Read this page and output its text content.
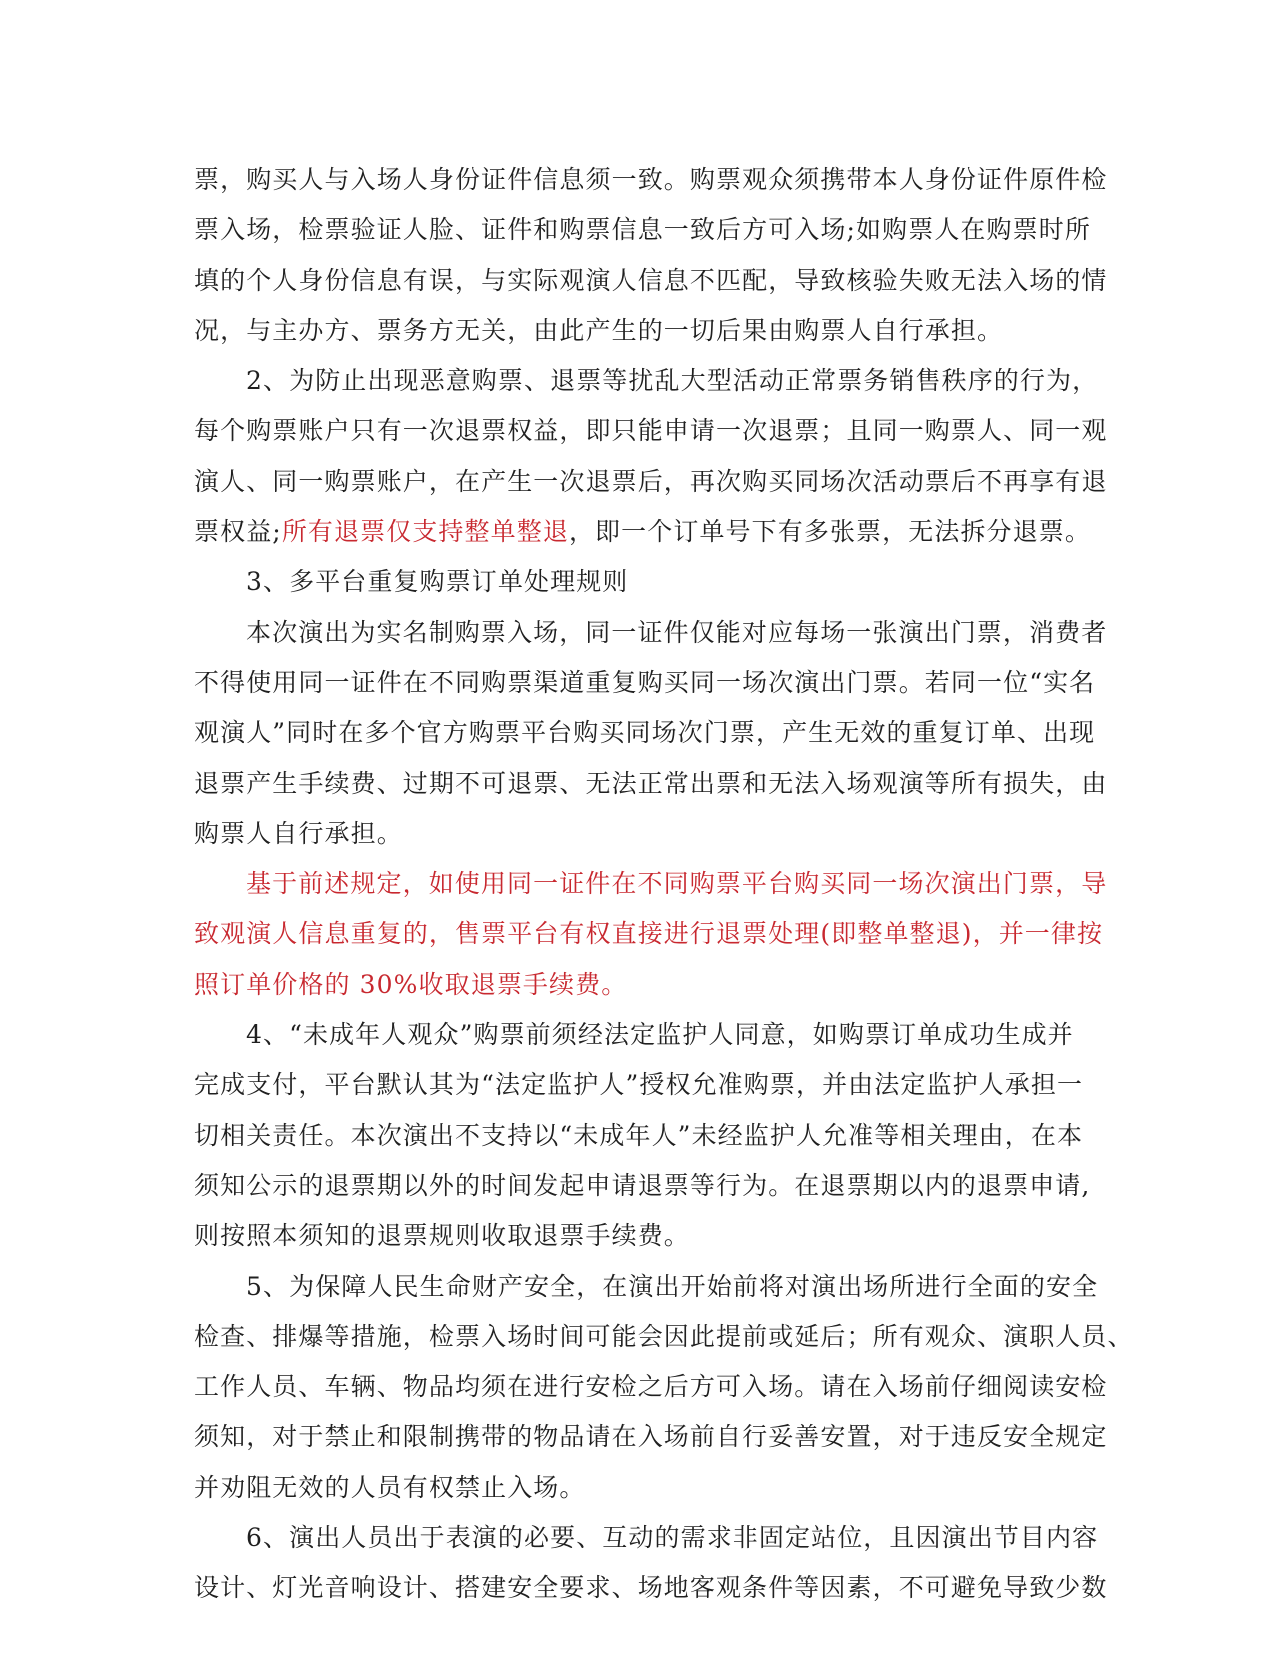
票，购买人与入场人身份证件信息须一致。购票观众须携带本人身份证件原件检
票入场，检票验证人脸、证件和购票信息一致后方可入场;如购票人在购票时所
填的个人身份信息有误，与实际观演人信息不匹配，导致核验失败无法入场的情
况，与主办方、票务方无关，由此产生的一切后果由购票人自行承担。
2、为防止出现恶意购票、退票等扰乱大型活动正常票务销售秩序的行为，
每个购票账户只有一次退票权益，即只能申请一次退票；且同一购票人、同一观
演人、同一购票账户，在产生一次退票后，再次购买同场次活动票后不再享有退
票权益;所有退票仅支持整单整退，即一个订单号下有多张票，无法拆分退票。
3、多平台重复购票订单处理规则
本次演出为实名制购票入场，同一证件仅能对应每场一张演出门票，消费者
不得使用同一证件在不同购票渠道重复购买同一场次演出门票。若同一位“实名
观演人”同时在多个官方购票平台购买同场次门票，产生无效的重复订单、出现
退票产生手续费、过期不可退票、无法正常出票和无法入场观演等所有损失，由
购票人自行承担。
基于前述规定，如使用同一证件在不同购票平台购买同一场次演出门票，导
致观演人信息重复的，售票平台有权直接进行退票处理(即整单整退)，并一律按
照订单价格的 30%收取退票手续费。
4、“未成年人观众”购票前须经法定监护人同意，如购票订单成功生成并
完成支付，平台默认其为“法定监护人”授权允准购票，并由法定监护人承担一
切相关责任。本次演出不支持以“未成年人”未经监护人允准等相关理由，在本
须知公示的退票期以外的时间发起申请退票等行为。在退票期以内的退票申请,
则按照本须知的退票规则收取退票手续费。
5、为保障人民生命财产安全，在演出开始前将对演出场所进行全面的安全
检查、排爆等措施，检票入场时间可能会因此提前或延后；所有观众、演职人员、
工作人员、车辆、物品均须在进行安检之后方可入场。请在入场前仔细阅读安检
须知，对于禁止和限制携带的物品请在入场前自行妥善安置，对于违反安全规定
并劝阻无效的人员有权禁止入场。
6、演出人员出于表演的必要、互动的需求非固定站位，且因演出节目内容
设计、灯光音响设计、搭建安全要求、场地客观条件等因素，不可避免导致少数
